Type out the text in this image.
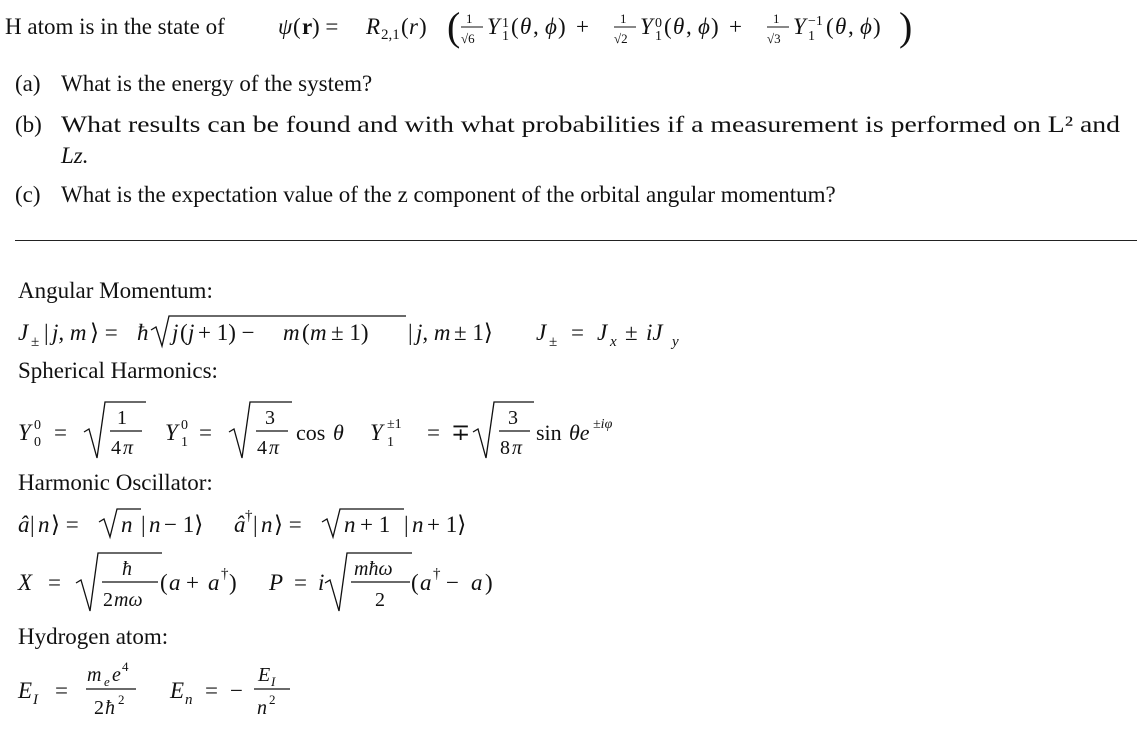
H atom is in the state of ψ ( r ) = R 2,1 ( r ) ( 1
√6 Y 1
1 ( θ , ϕ ) + 1
√2 Y 0
1 ( θ , ϕ ) + 1
√3 Y −1
1 ( θ , ϕ ) )
(a) What is the energy of the system?
(b) What results can be found and with what probabilities if a measurement is performed on L² and
Lz.
(c) What is the expectation value of the z component of the orbital angular momentum?
Angular Momentum:
J ± | j, m ⟩ = ħ j ( j + 1) − m ( m ± 1) | j, m ± 1⟩ J ± = J x ± iJ y
Spherical Harmonics:
Y 0
0 =
1
4 π
Y 0
1 =
3
4 π
cos θ Y ±1
1 = ∓
3
8 π
sin θe ±iφ
Harmonic Oscillator:
â | n ⟩ = n | n − 1⟩ â † | n ⟩ = n + 1 | n + 1⟩
X =
ħ
2 mω
( a + a † ) P = i
mħω
2
( a † − a )
Hydrogen atom:
E I =
m e e 4
2 ħ 2 E n = −
E I
n 2
